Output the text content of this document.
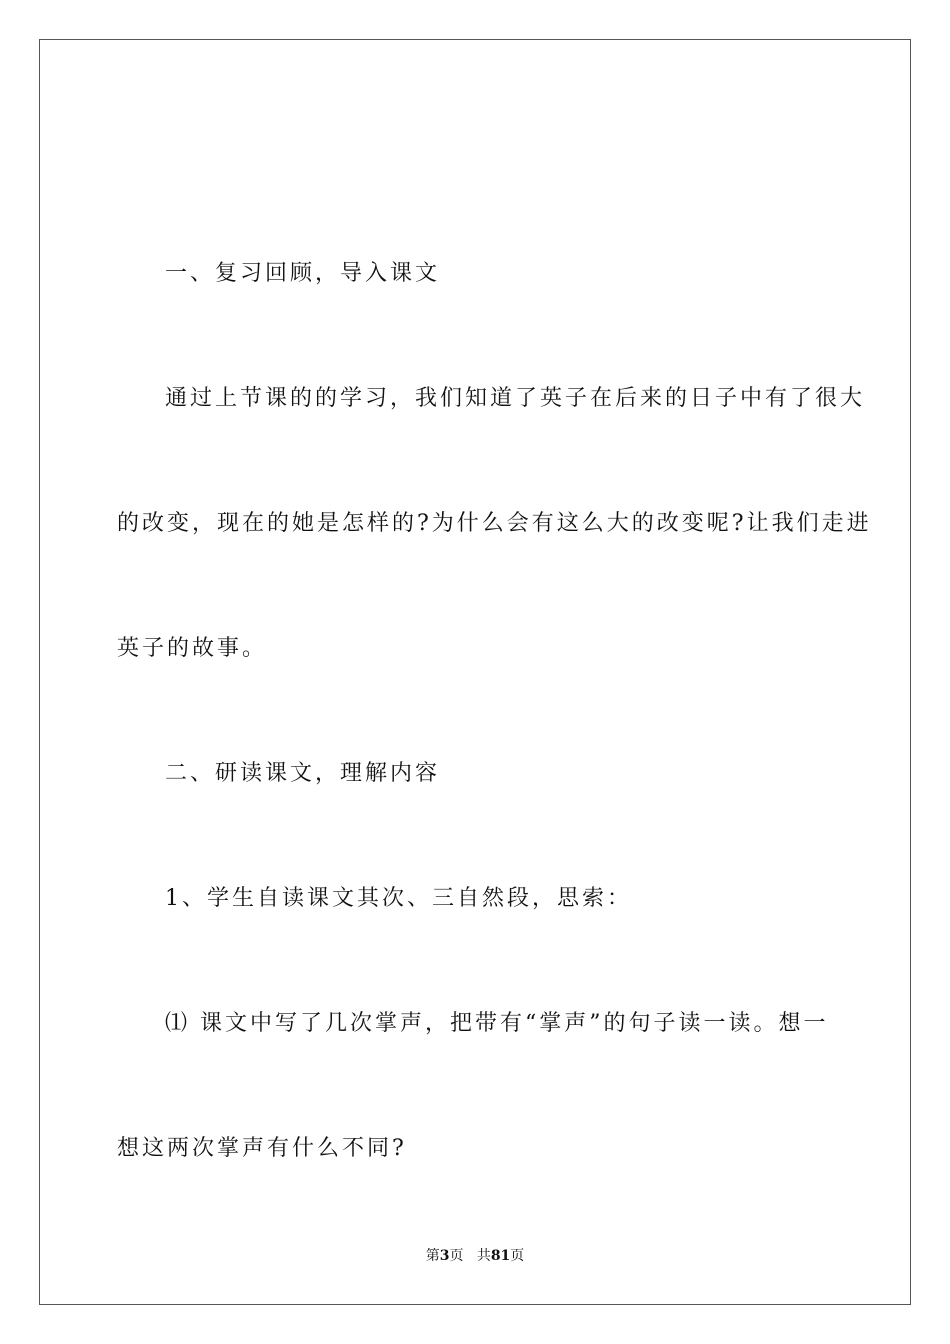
一、复习回顾，导入课文
通过上节课的的学习，我们知道了英子在后来的日子中有了很大
的改变，现在的她是怎样的?为什么会有这么大的改变呢?让我们走进
英子的故事。
二、研读课文，理解内容
1、学生自读课文其次、三自然段，思索：
⑴ 课文中写了几次掌声，把带有“掌声”的句子读一读。想一
想这两次掌声有什么不同?
第3页 共81页
